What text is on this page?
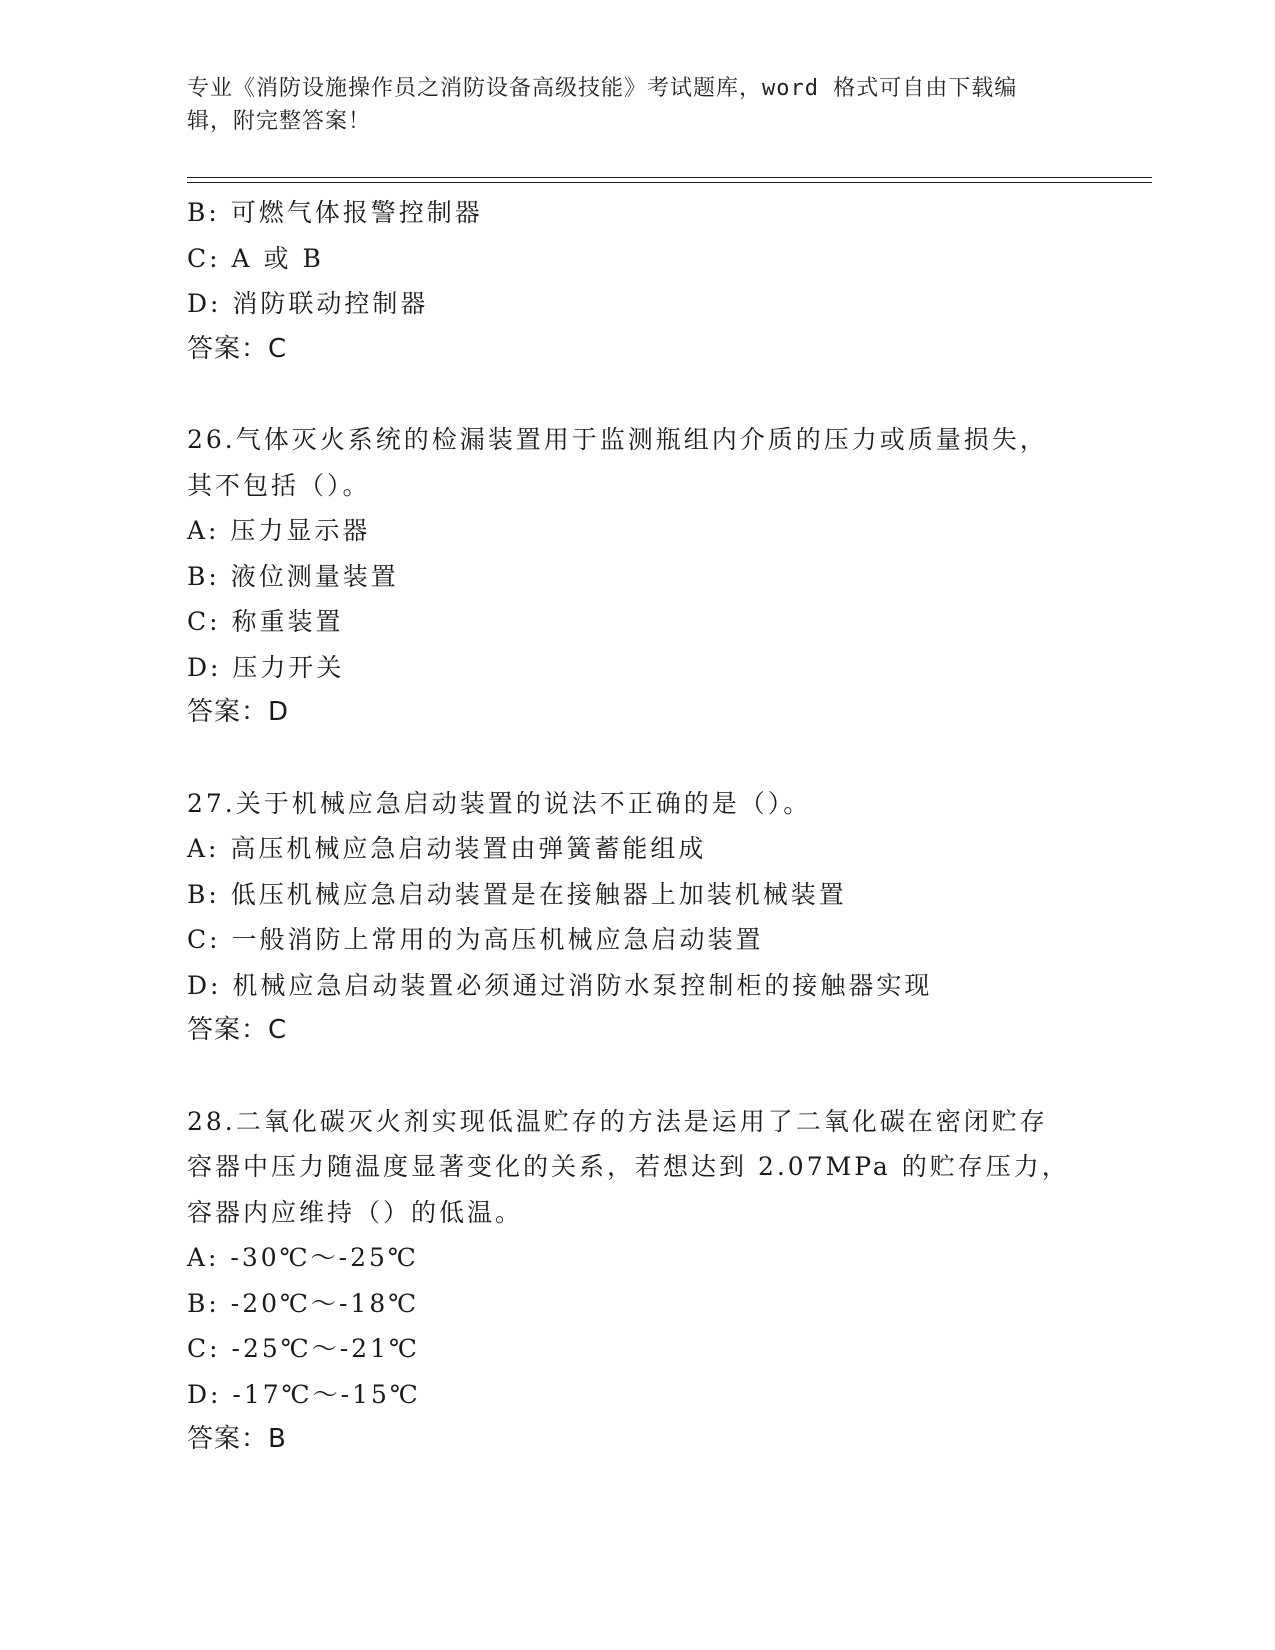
专业《消防设施操作员之消防设备高级技能》考试题库，word 格式可自由下载编
辑，附完整答案！

B: 可燃气体报警控制器

C: A 或 B

D: 消防联动控制器

答案：C

26.气体灭火系统的检漏装置用于监测瓶组内介质的压力或质量损失，

其不包括（）。

A: 压力显示器

B: 液位测量装置

C: 称重装置

D: 压力开关

答案：D

27.关于机械应急启动装置的说法不正确的是（）。

A: 高压机械应急启动装置由弹簧蓄能组成

B: 低压机械应急启动装置是在接触器上加装机械装置

C: 一般消防上常用的为高压机械应急启动装置

D: 机械应急启动装置必须通过消防水泵控制柜的接触器实现

答案：C

28.二氧化碳灭火剂实现低温贮存的方法是运用了二氧化碳在密闭贮存

容器中压力随温度显著变化的关系，若想达到 2.07MPa 的贮存压力，

容器内应维持（）的低温。

A: -30℃～-25℃

B: -20℃～-18℃

C: -25℃～-21℃

D: -17℃～-15℃

答案：B
